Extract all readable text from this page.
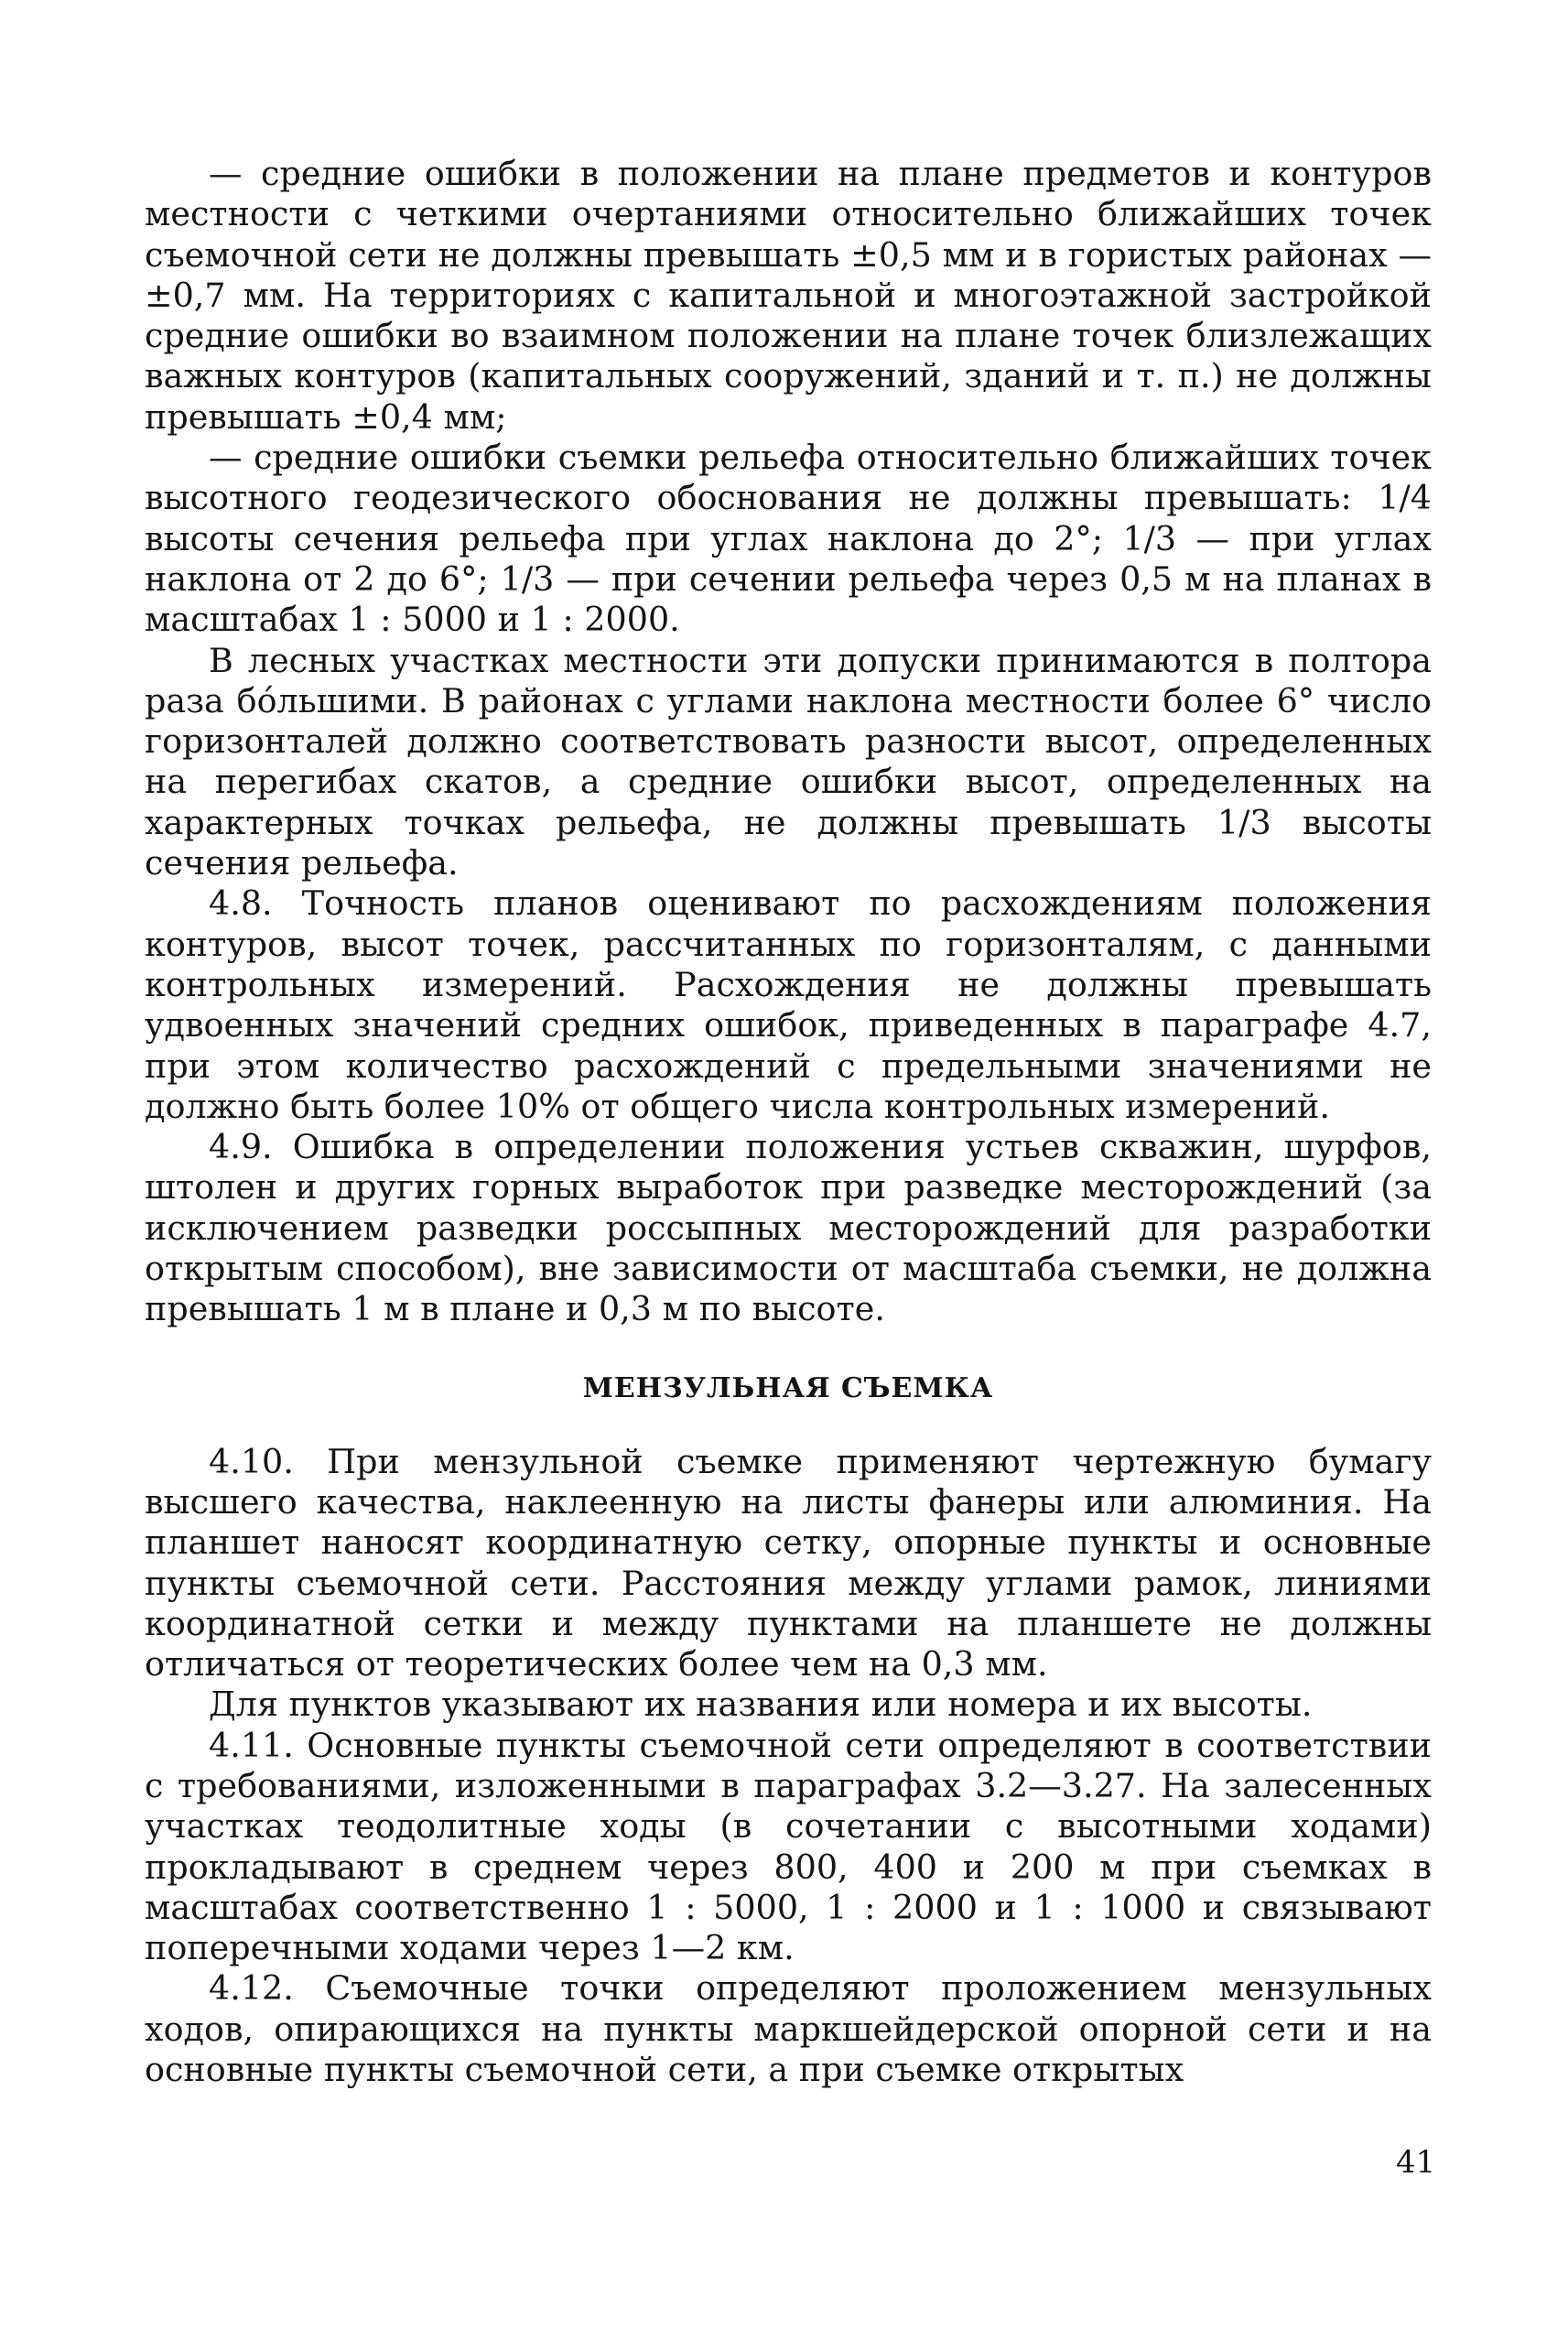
— средние ошибки в положении на плане предметов и контуров местности с четкими очертаниями относительно ближайших точек съемочной сети не должны превышать ±0,5 мм и в гористых районах — ±0,7 мм. На территориях с капитальной и многоэтажной застройкой средние ошибки во взаимном положении на плане точек близлежащих важных контуров (капитальных сооружений, зданий и т. п.) не должны превышать ±0,4 мм;

— средние ошибки съемки рельефа относительно ближайших точек высотного геодезического обоснования не должны превышать: 1/4 высоты сечения рельефа при углах наклона до 2°; 1/3 — при углах наклона от 2 до 6°; 1/3 — при сечении рельефа через 0,5 м на планах в масштабах 1 : 5000 и 1 : 2000.

В лесных участках местности эти допуски принимаются в полтора раза бóльшими. В районах с углами наклона местности более 6° число горизонталей должно соответствовать разности высот, определенных на перегибах скатов, а средние ошибки высот, определенных на характерных точках рельефа, не должны превышать 1/3 высоты сечения рельефа.

4.8. Точность планов оценивают по расхождениям положения контуров, высот точек, рассчитанных по горизонталям, с данными контрольных измерений. Расхождения не должны превышать удвоенных значений средних ошибок, приведенных в параграфе 4.7, при этом количество расхождений с предельными значениями не должно быть более 10% от общего числа контрольных измерений.

4.9. Ошибка в определении положения устьев скважин, шурфов, штолен и других горных выработок при разведке месторождений (за исключением разведки россыпных месторождений для разработки открытым способом), вне зависимости от масштаба съемки, не должна превышать 1 м в плане и 0,3 м по высоте.

МЕНЗУЛЬНАЯ СЪЕМКА

4.10. При мензульной съемке применяют чертежную бумагу высшего качества, наклеенную на листы фанеры или алюминия. На планшет наносят координатную сетку, опорные пункты и основные пункты съемочной сети. Расстояния между углами рамок, линиями координатной сетки и между пунктами на планшете не должны отличаться от теоретических более чем на 0,3 мм.

Для пунктов указывают их названия или номера и их высоты.

4.11. Основные пункты съемочной сети определяют в соответствии с требованиями, изложенными в параграфах 3.2—3.27. На залесенных участках теодолитные ходы (в сочетании с высотными ходами) прокладывают в среднем через 800, 400 и 200 м при съемках в масштабах соответственно 1 : 5000, 1 : 2000 и 1 : 1000 и связывают поперечными ходами через 1—2 км.

4.12. Съемочные точки определяют проложением мензульных ходов, опирающихся на пункты маркшейдерской опорной сети и на основные пункты съемочной сети, а при съемке открытых

41
